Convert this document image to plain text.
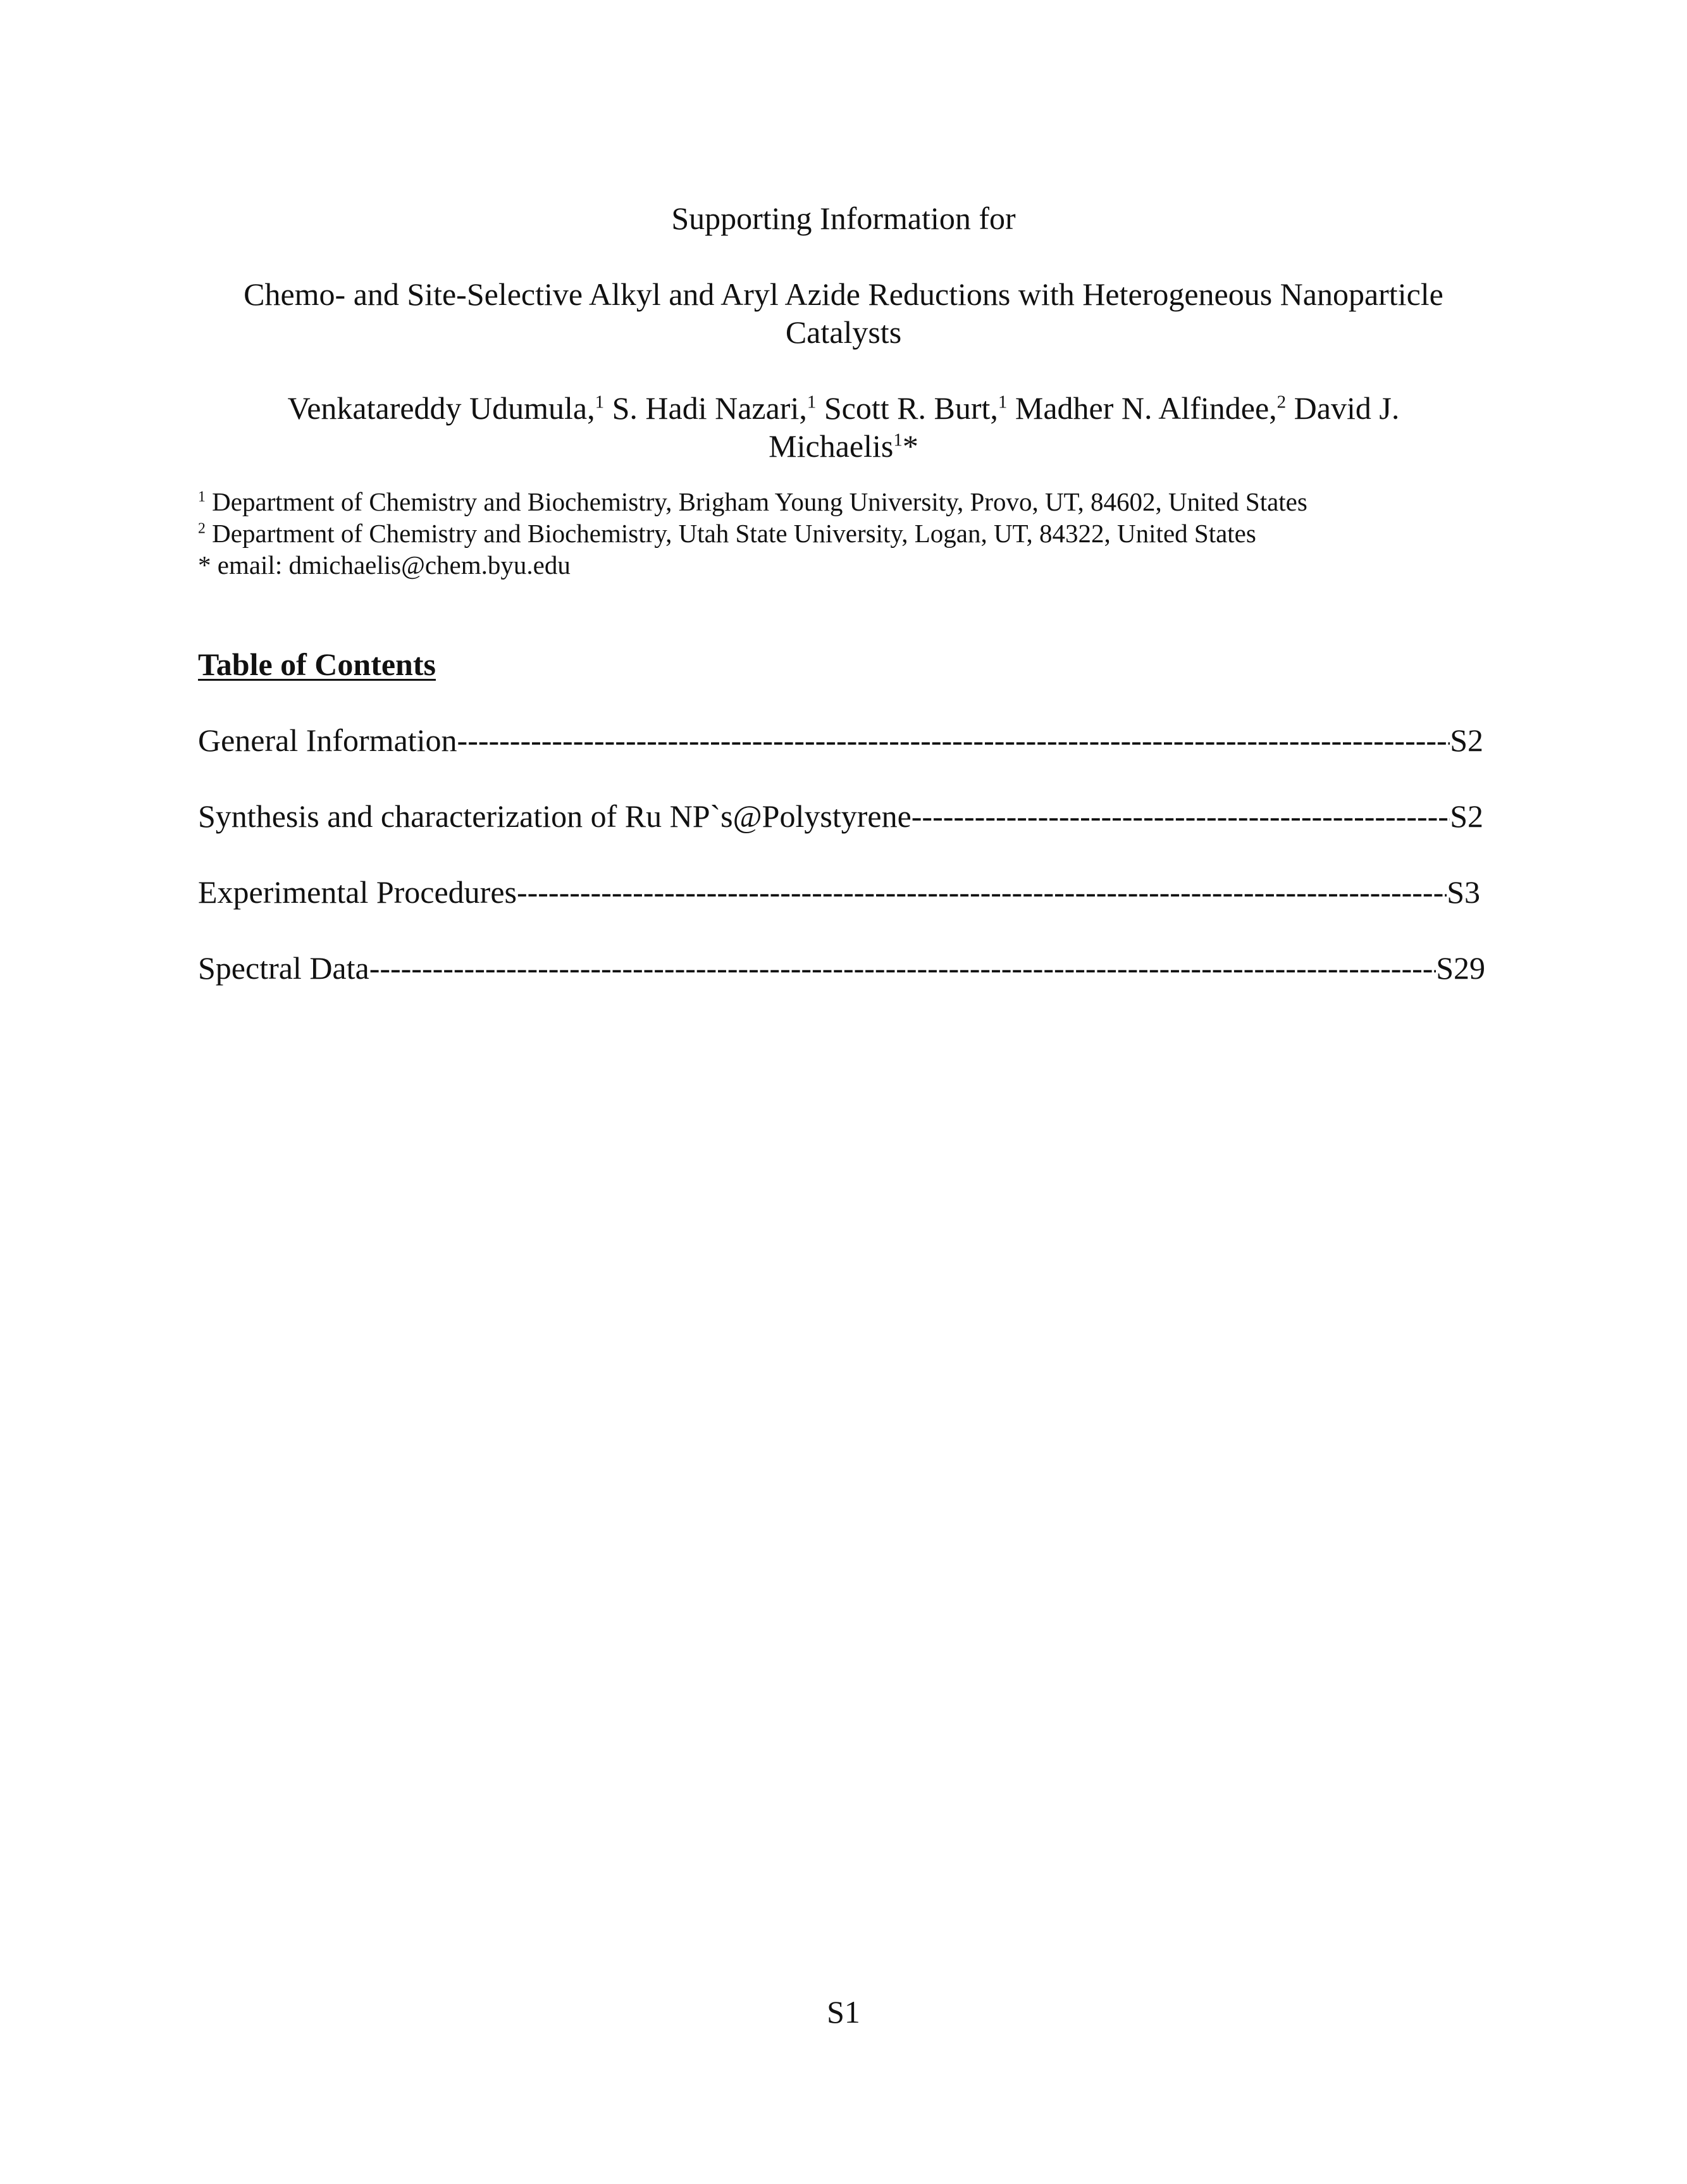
Supporting Information for
Chemo- and Site-Selective Alkyl and Aryl Azide Reductions with Heterogeneous Nanoparticle
Catalysts
Venkatareddy Udumula,$^1$ S. Hadi Nazari,$^1$ Scott R. Burt,$^1$ Madher N. Alfindee,$^2$ David J.
Michaelis$^1$*
$^1$ Department of Chemistry and Biochemistry, Brigham Young University, Provo, UT, 84602, United States
$^2$ Department of Chemistry and Biochemistry, Utah State University, Logan, UT, 84322, United States
* email: dmichaelis@chem.byu.edu
Table of Contents
General Information -----	S2
Synthesis and characterization of Ru NP`s@Polystyrene -----	S2
Experimental Procedures -----	S3
Spectral Data -----	S29
S1
